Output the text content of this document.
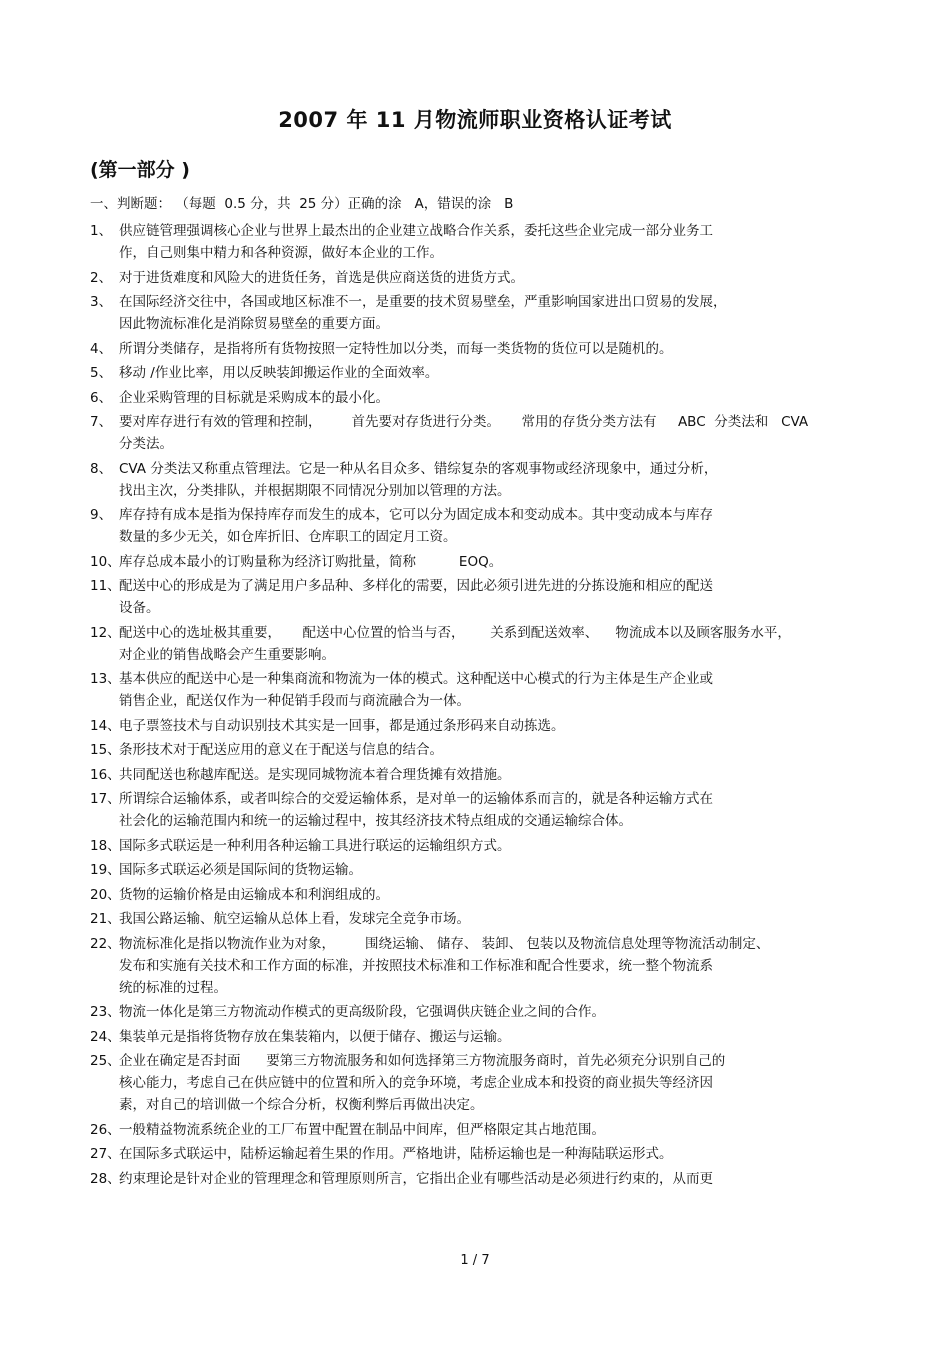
2007 年 11 月物流师职业资格认证考试
(第一部分 )
一、判断题： （每题  0.5 分，共  25 分）正确的涂   A，错误的涂   B
1、 供应链管理强调核心企业与世界上最杰出的企业建立战略合作关系，委托这些企业完成一部分业务工
作，自己则集中精力和各种资源，做好本企业的工作。
2、 对于进货难度和风险大的进货任务，首选是供应商送货的进货方式。
3、 在国际经济交往中，各国或地区标准不一，是重要的技术贸易壁垒，严重影响国家进出口贸易的发展，
因此物流标准化是消除贸易壁垒的重要方面。
4、 所谓分类储存，是指将所有货物按照一定特性加以分类，而每一类货物的货位可以是随机的。
5、 移动 /作业比率，用以反映装卸搬运作业的全面效率。
6、 企业采购管理的目标就是采购成本的最小化。
7、 要对库存进行有效的管理和控制，       首先要对存货进行分类。     常用的存货分类方法有     ABC  分类法和   CVA
分类法。
8、 CVA 分类法又称重点管理法。它是一种从名目众多、错综复杂的客观事物或经济现象中，通过分析，
找出主次，分类排队，并根据期限不同情况分别加以管理的方法。
9、 库存持有成本是指为保持库存而发生的成本，它可以分为固定成本和变动成本。其中变动成本与库存
数量的多少无关，如仓库折旧、仓库职工的固定月工资。
10、
库存总成本最小的订购量称为经济订购批量，简称          EOQ。
11、
配送中心的形成是为了满足用户多品种、多样化的需要，因此必须引进先进的分拣设施和相应的配送
设备。
12、
配送中心的选址极其重要，     配送中心位置的恰当与否，      关系到配送效率、    物流成本以及顾客服务水平，
对企业的销售战略会产生重要影响。
13、
基本供应的配送中心是一种集商流和物流为一体的模式。这种配送中心模式的行为主体是生产企业或
销售企业，配送仅作为一种促销手段而与商流融合为一体。
14、
电子票签技术与自动识别技术其实是一回事，都是通过条形码来自动拣选。
15、
条形技术对于配送应用的意义在于配送与信息的结合。
16、
共同配送也称越库配送。是实现同城物流本着合理货摊有效措施。
17、
所谓综合运输体系，或者叫综合的交爱运输体系，是对单一的运输体系而言的，就是各种运输方式在
社会化的运输范围内和统一的运输过程中，按其经济技术特点组成的交通运输综合体。
18、
国际多式联运是一种利用各种运输工具进行联运的运输组织方式。
19、
国际多式联运必须是国际间的货物运输。
20、
货物的运输价格是由运输成本和利润组成的。
21、
我国公路运输、航空运输从总体上看，发球完全竞争市场。
22、
物流标准化是指以物流作业为对象，       围绕运输、 储存、 装卸、 包装以及物流信息处理等物流活动制定、
发布和实施有关技术和工作方面的标准，并按照技术标准和工作标准和配合性要求，统一整个物流系
统的标准的过程。
23、
物流一体化是第三方物流动作模式的更高级阶段，它强调供庆链企业之间的合作。
24、
集装单元是指将货物存放在集装箱内，以便于储存、搬运与运输。
25、
企业在确定是否封面      要第三方物流服务和如何选择第三方物流服务商时，首先必须充分识别自己的
核心能力，考虑自己在供应链中的位置和所入的竞争环境，考虑企业成本和投资的商业损失等经济因
素，对自己的培训做一个综合分析，权衡利弊后再做出决定。
26、
一般精益物流系统企业的工厂布置中配置在制品中间库，但严格限定其占地范围。
27、
在国际多式联运中，陆桥运输起着生果的作用。严格地讲，陆桥运输也是一种海陆联运形式。
28、
约束理论是针对企业的管理理念和管理原则所言，它指出企业有哪些活动是必须进行约束的，从而更
1 / 7
